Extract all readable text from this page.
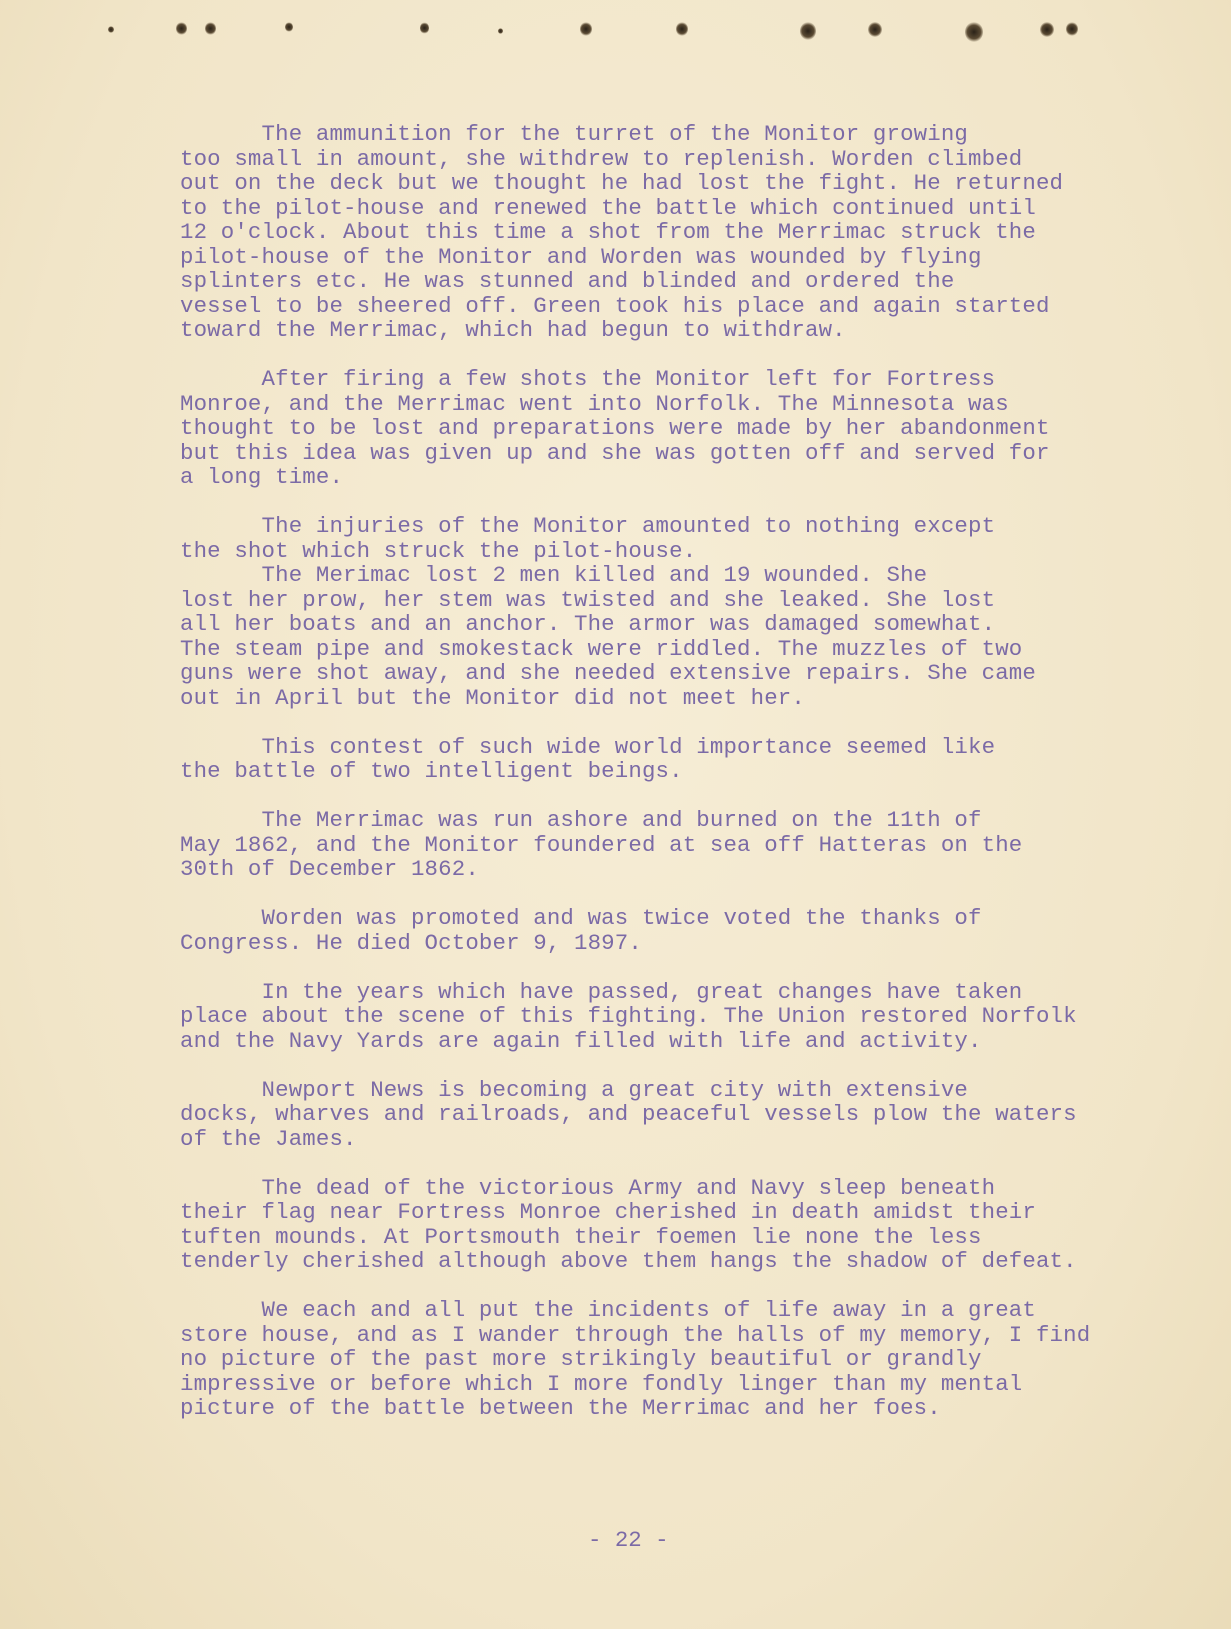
The ammunition for the turret of the Monitor growing
too small in amount, she withdrew to replenish. Worden climbed
out on the deck but we thought he had lost the fight. He returned
to the pilot-house and renewed the battle which continued until
12 o'clock. About this time a shot from the Merrimac struck the
pilot-house of the Monitor and Worden was wounded by flying
splinters etc. He was stunned and blinded and ordered the
vessel to be sheered off. Green took his place and again started
toward the Merrimac, which had begun to withdraw.
After firing a few shots the Monitor left for Fortress
Monroe, and the Merrimac went into Norfolk. The Minnesota was
thought to be lost and preparations were made by her abandonment
but this idea was given up and she was gotten off and served for
a long time.
The injuries of the Monitor amounted to nothing except
the shot which struck the pilot-house.
The Merimac lost 2 men killed and 19 wounded. She
lost her prow, her stem was twisted and she leaked. She lost
all her boats and an anchor. The armor was damaged somewhat.
The steam pipe and smokestack were riddled. The muzzles of two
guns were shot away, and she needed extensive repairs. She came
out in April but the Monitor did not meet her.
This contest of such wide world importance seemed like
the battle of two intelligent beings.
The Merrimac was run ashore and burned on the 11th of
May 1862, and the Monitor foundered at sea off Hatteras on the
30th of December 1862.
Worden was promoted and was twice voted the thanks of
Congress. He died October 9, 1897.
In the years which have passed, great changes have taken
place about the scene of this fighting. The Union restored Norfolk
and the Navy Yards are again filled with life and activity.
Newport News is becoming a great city with extensive
docks, wharves and railroads, and peaceful vessels plow the waters
of the James.
The dead of the victorious Army and Navy sleep beneath
their flag near Fortress Monroe cherished in death amidst their
tuften mounds. At Portsmouth their foemen lie none the less
tenderly cherished although above them hangs the shadow of defeat.
We each and all put the incidents of life away in a great
store house, and as I wander through the halls of my memory, I find
no picture of the past more strikingly beautiful or grandly
impressive or before which I more fondly linger than my mental
picture of the battle between the Merrimac and her foes.
- 22 -
